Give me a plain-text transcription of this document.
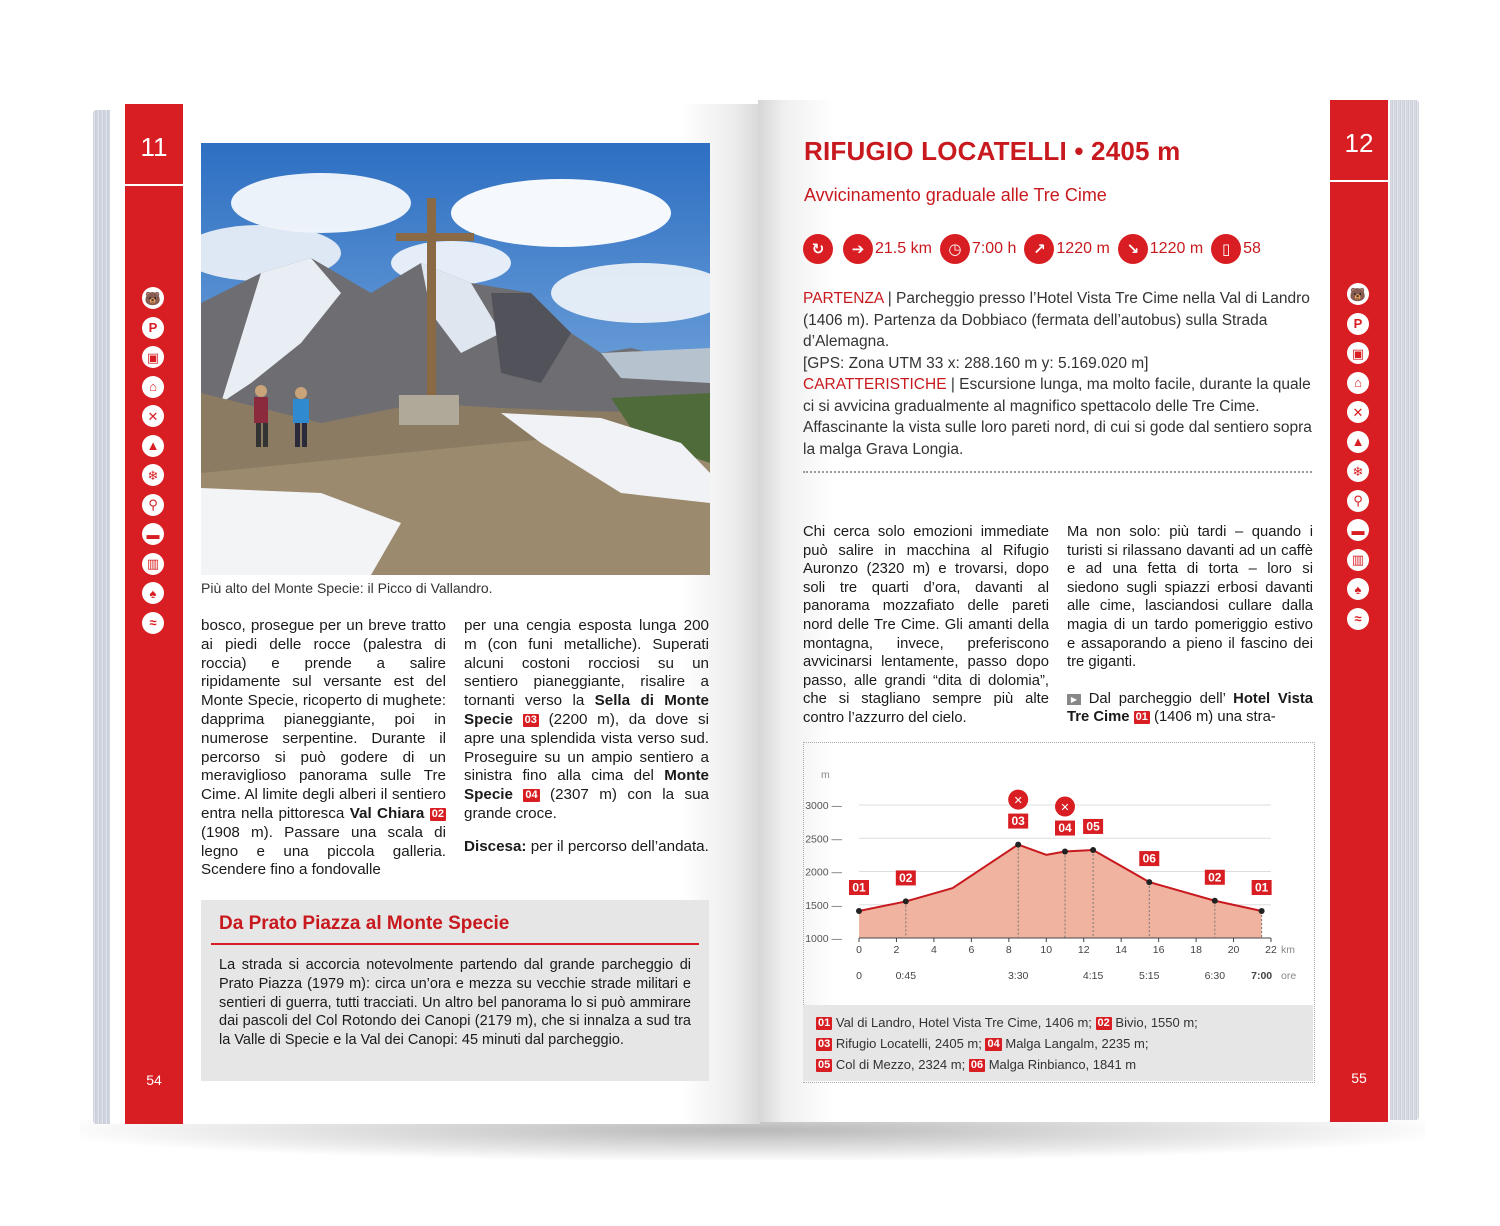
11
🐻
P
▣
⌂
✕
▲
❄
⚲
▬
▥
♠
≈
54
Più alto del Monte Specie: il Picco di Vallandro.
bosco, prosegue per un breve tratto ai piedi delle rocce (palestra di roccia) e prende a salire ripidamente sul versante est del Monte Specie, ricoperto di mughete: dapprima pianeggiante, poi in numerose serpentine. Durante il percorso si può godere di un meraviglioso panorama sulle Tre Cime. Al limite degli alberi il sentiero entra nella pittoresca Val Chiara 02 (1908 m). Passare una scala di legno e una piccola galleria. Scendere fino a fondovalle
per una cengia esposta lunga 200 m (con funi metalliche). Superati alcuni costoni rocciosi su un sentiero pianeggiante, risalire a tornanti verso la Sella di Monte Specie 03 (2200 m), da dove si apre una splendida vista verso sud. Proseguire su un ampio sentiero a sinistra fino alla cima del Monte Specie 04 (2307 m) con la sua grande croce.
Discesa: per il percorso dell’andata.
Da Prato Piazza al Monte Specie
La strada si accorcia notevolmente partendo dal grande parcheggio di Prato Piazza (1979 m): circa un’ora e mezza su vecchie strade militari e sentieri di guerra, tutti tracciati. Un altro bel panorama lo si può ammirare dai pascoli del Col Rotondo dei Canopi (2179 m), che si innalza a sud tra la Valle di Specie e la Val dei Canopi: 45 minuti dal parcheggio.
12
🐻
P
▣
⌂
✕
▲
❄
⚲
▬
▥
♠
≈
55
RIFUGIO LOCATELLI • 2405 m
Avvicinamento graduale alle Tre Cime
↻	➔ 21.5 km	◷ 7:00 h	↗ 1220 m	↘ 1220 m	▯ 58
PARTENZA | Parcheggio presso l’Hotel Vista Tre Cime nella Val di Landro (1406 m). Partenza da Dobbiaco (fermata dell’autobus) sulla Strada d’Alemagna.
[GPS: Zona UTM 33 x: 288.160 m y: 5.169.020 m]
CARATTERISTICHE | Escursione lunga, ma molto facile, durante la quale ci si avvicina gradualmente al magnifico spettacolo delle Tre Cime. Affascinante la vista sulle loro pareti nord, di cui si gode dal sentiero sopra la malga Grava Longia.
Chi cerca solo emozioni immediate può salire in macchina al Rifugio Auronzo (2320 m) e trovarsi, dopo soli tre quarti d’ora, davanti al panorama mozzafiato delle pareti nord delle Tre Cime. Gli amanti della montagna, invece, preferiscono avvicinarsi lentamente, passo dopo passo, alle grandi “dita di dolomia”, che si stagliano sempre più alte contro l’azzurro del cielo.
Ma non solo: più tardi – quando i turisti si rilassano davanti ad un caffè e ad una fetta di torta – loro si siedono sugli spiazzi erbosi davanti alle cime, lasciandosi cullare dalla magia di un tardo pomeriggio estivo e assaporando a pieno il fascino dei tre giganti.
▶ Dal parcheggio dell’ Hotel Vista Tre Cime 01 (1406 m) una stra-
1000 —
1500 —
2000 —
2500 —
3000 —
m
0	2	4	6	8	10 12 14 16 18 20 22 km
0	0:45	3:30	4:15	5:15	6:30 7:00 ore
01
02
03
✕
04
✕
05
06
02
01
01 Val di Landro, Hotel Vista Tre Cime, 1406 m; 02 Bivio, 1550 m;
03 Rifugio Locatelli, 2405 m; 04 Malga Langalm, 2235 m;
05 Col di Mezzo, 2324 m; 06 Malga Rinbianco, 1841 m
